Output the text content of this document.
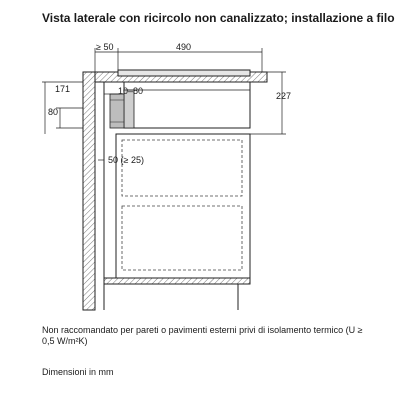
Vista laterale con ricircolo non canalizzato; installazione a filo
≥ 50	490
171
80
10–80	227
50 (≥ 25)
Non raccomandato per pareti o pavimenti esterni privi di isolamento termico (U ≥ 0,5 W/m²K)
Dimensioni in mm
